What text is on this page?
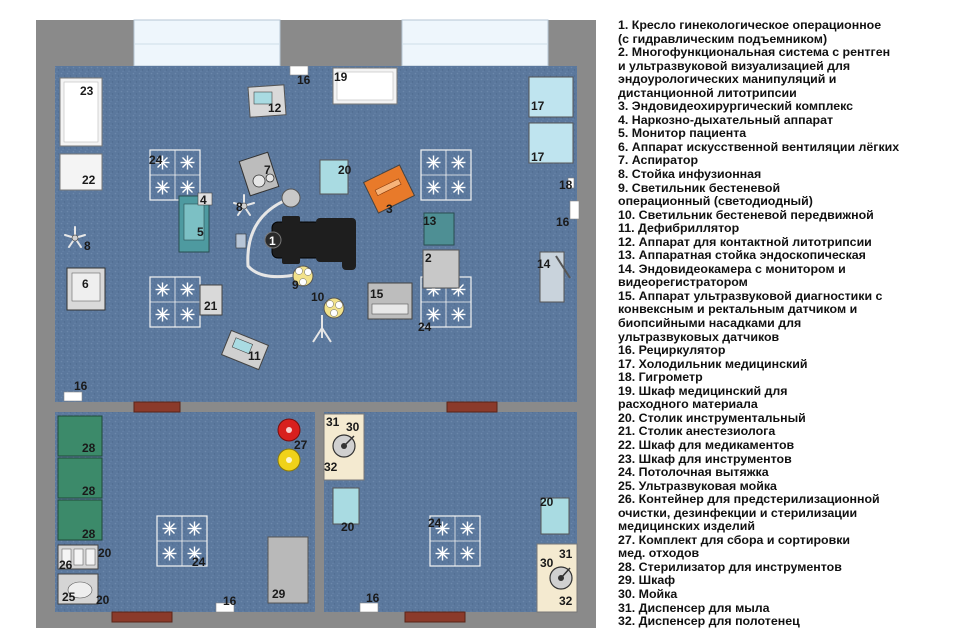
24
24
24
24
23
22
16
16
16
16	16
19
12	17
17
18
7	20
3
13
4
5
8
8	1
9
10
2
15
14
6
21
11
28
28
28
20
26
25 20
27
29
31 30
32
20
20
31
30
32
1. Кресло гинекологическое операционное
(с гидравлическим подъемником)
2. Многофункциональная система с рентген
и ультразвуковой визуализацией для
эндоурологических манипуляций и
дистанционной литотрипсии
3. Эндовидеохирургический комплекс
4. Наркозно-дыхательный аппарат
5. Монитор пациента
6. Аппарат искусственной вентиляции лёгких
7. Аспиратор
8. Стойка инфузионная
9. Светильник бестеневой
операционный (светодиодный)
10. Светильник бестеневой передвижной
11. Дефибриллятор
12. Аппарат для контактной литотрипсии
13. Аппаратная стойка эндоскопическая
14. Эндовидеокамера с монитором и
видеорегистратором
15. Аппарат ультразвуковой диагностики с
конвексным и ректальным датчиком и
биопсийными насадками для
ультразвуковых датчиков
16. Рециркулятор
17. Холодильник медицинский
18. Гигрометр
19. Шкаф медицинский для
расходного материала
20. Столик инструментальный
21. Столик анестезиолога
22. Шкаф для медикаментов
23. Шкаф для инструментов
24. Потолочная вытяжка
25. Ультразвуковая мойка
26. Контейнер для предстерилизационной
очистки, дезинфекции и стерилизации
медицинских изделий
27. Комплект для сбора и сортировки
мед. отходов
28. Стерилизатор для инструментов
29. Шкаф
30. Мойка
31. Диспенсер для мыла
32. Диспенсер для полотенец
